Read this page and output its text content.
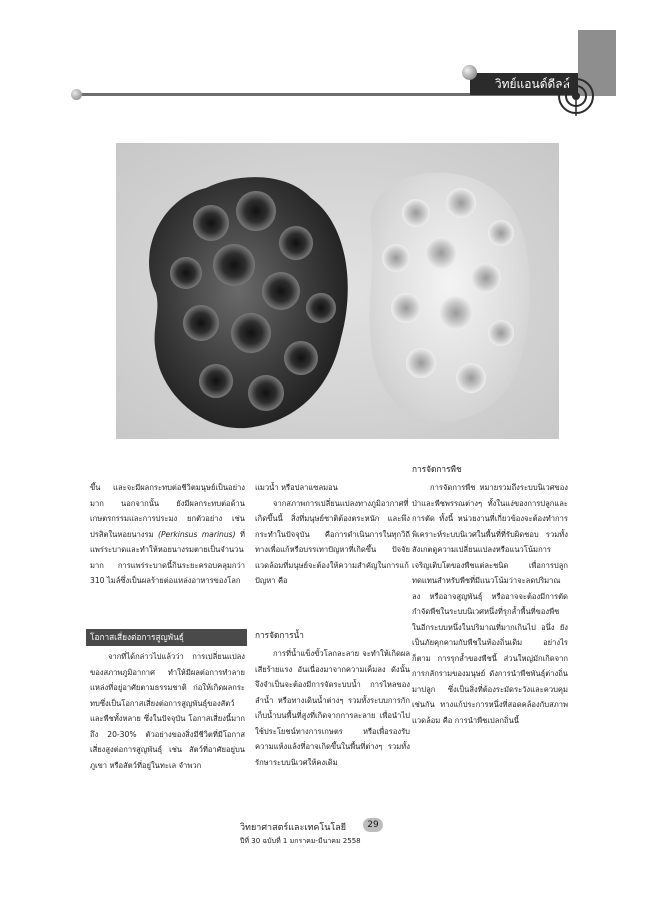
วิทย์แอนด์ดีลล์

ขึ้น และจะมีผลกระทบต่อชีวิตมนุษย์เป็นอย่างมาก นอกจากนั้น ยังมีผลกระทบต่อด้านเกษตรกรรมและการประมง ยกตัวอย่าง เช่น ปรสิตในหอยนางรม (Perkinsus marinus) ที่แพร่ระบาดและทำให้หอยนางรมตายเป็นจำนวนมาก การแพร่ระบาดนี้กินระยะครอบคลุมกว่า 310 ไมล์ซึ่งเป็นผลร้ายต่อแหล่งอาหารของโลก

โอกาสเสี่ยงต่อการสูญพันธุ์
จากที่ได้กล่าวไปแล้วว่า การเปลี่ยนแปลงของสภาพภูมิอากาศ ทำให้มีผลต่อการทำลายแหล่งที่อยู่อาศัยตามธรรมชาติ ก่อให้เกิดผลกระทบซึ่งเป็นโอกาสเสี่ยงต่อการสูญพันธุ์ของสัตว์และพืชทั้งหลาย ซึ่งในปัจจุบัน โอกาสเสี่ยงนี้มากถึง 20-30% ตัวอย่างของสิ่งมีชีวิตที่มีโอกาสเสี่ยงสูงต่อการสูญพันธุ์ เช่น สัตว์ที่อาศัยอยู่บนภูเขา หรือสัตว์ที่อยู่ในทะเล จำพวก

แมวน้ำ หรือปลาแซลมอน

จากสภาพการเปลี่ยนแปลงทางภูมิอากาศที่เกิดขึ้นนี้ สิ่งที่มนุษย์ชาติต้องตระหนัก และพึงกระทำในปัจจุบัน คือการดำเนินการในทุกวิถีทางเพื่อแก้หรือบรรเทาปัญหาที่เกิดขึ้น ปัจจัยแวดล้อมที่มนุษย์จะต้องให้ความสำคัญในการแก้ปัญหา คือ

การจัดการน้ำ
การที่น้ำแข็งขั้วโลกละลาย จะทำให้เกิดผลเสียร้ายแรง อันเนื่องมาจากความเค็มลง ดังนั้น จึงจำเป็นจะต้องมีการจัดระบบน้ำ การไหลของลำน้ำ หรือทางเดินน้ำต่างๆ รวมทั้งระบบการกักเก็บน้ำบนพื้นที่สูงที่เกิดจากการละลาย เพื่อนำไปใช้ประโยชน์ทางการเกษตร หรือเพื่อรองรับความแห้งแล้งที่อาจเกิดขึ้นในพื้นที่ต่างๆ รวมทั้งรักษาระบบนิเวศให้คงเดิม
การจัดการพืช
การจัดการพืช หมายรวมถึงระบบนิเวศของป่าและพืชพรรณต่างๆ ทั้งในแง่ของการปลูกและการตัด ทั้งนี้ หน่วยงานที่เกี่ยวข้องจะต้องทำการพิเคราะห์ระบบนิเวศในพื้นที่ที่รับผิดชอบ รวมทั้งสังเกตดูความเปลี่ยนแปลงหรือแนวโน้มการเจริญเติบโตของพืชแต่ละชนิด เพื่อการปลูกทดแทนสำหรับพืชที่มีแนวโน้มว่าจะลดปริมาณลง หรืออาจสูญพันธุ์ หรืออาจจะต้องมีการตัด กำจัดพืชในระบบนิเวศหนึ่งที่รุกล้ำพื้นที่ของพืชในอีกระบบหนึ่งในปริมาณที่มากเกินไป อนึ่ง ยังเป็นภัยคุกคามกับพืชในท้องถิ่นเดิม อย่างไรก็ตาม การรุกล้ำของพืชนี้ ส่วนใหญ่มักเกิดจากการกลักรามของมนุษย์ ดังการนำพืชพันธุ์ต่างถิ่นมาปลูก ซึ่งเป็นสิ่งที่ต้องระมัดระวังและควบคุมเช่นกัน ทางแก้ประการหนึ่งที่สอดคล้องกับสภาพแวดล้อม คือ การนำพืชเปลกถิ่นนี้
วิทยาศาสตร์และเทคโนโลยี	29
ปีที่ 30 ฉบับที่ 1 มกราคม-มีนาคม 2558
